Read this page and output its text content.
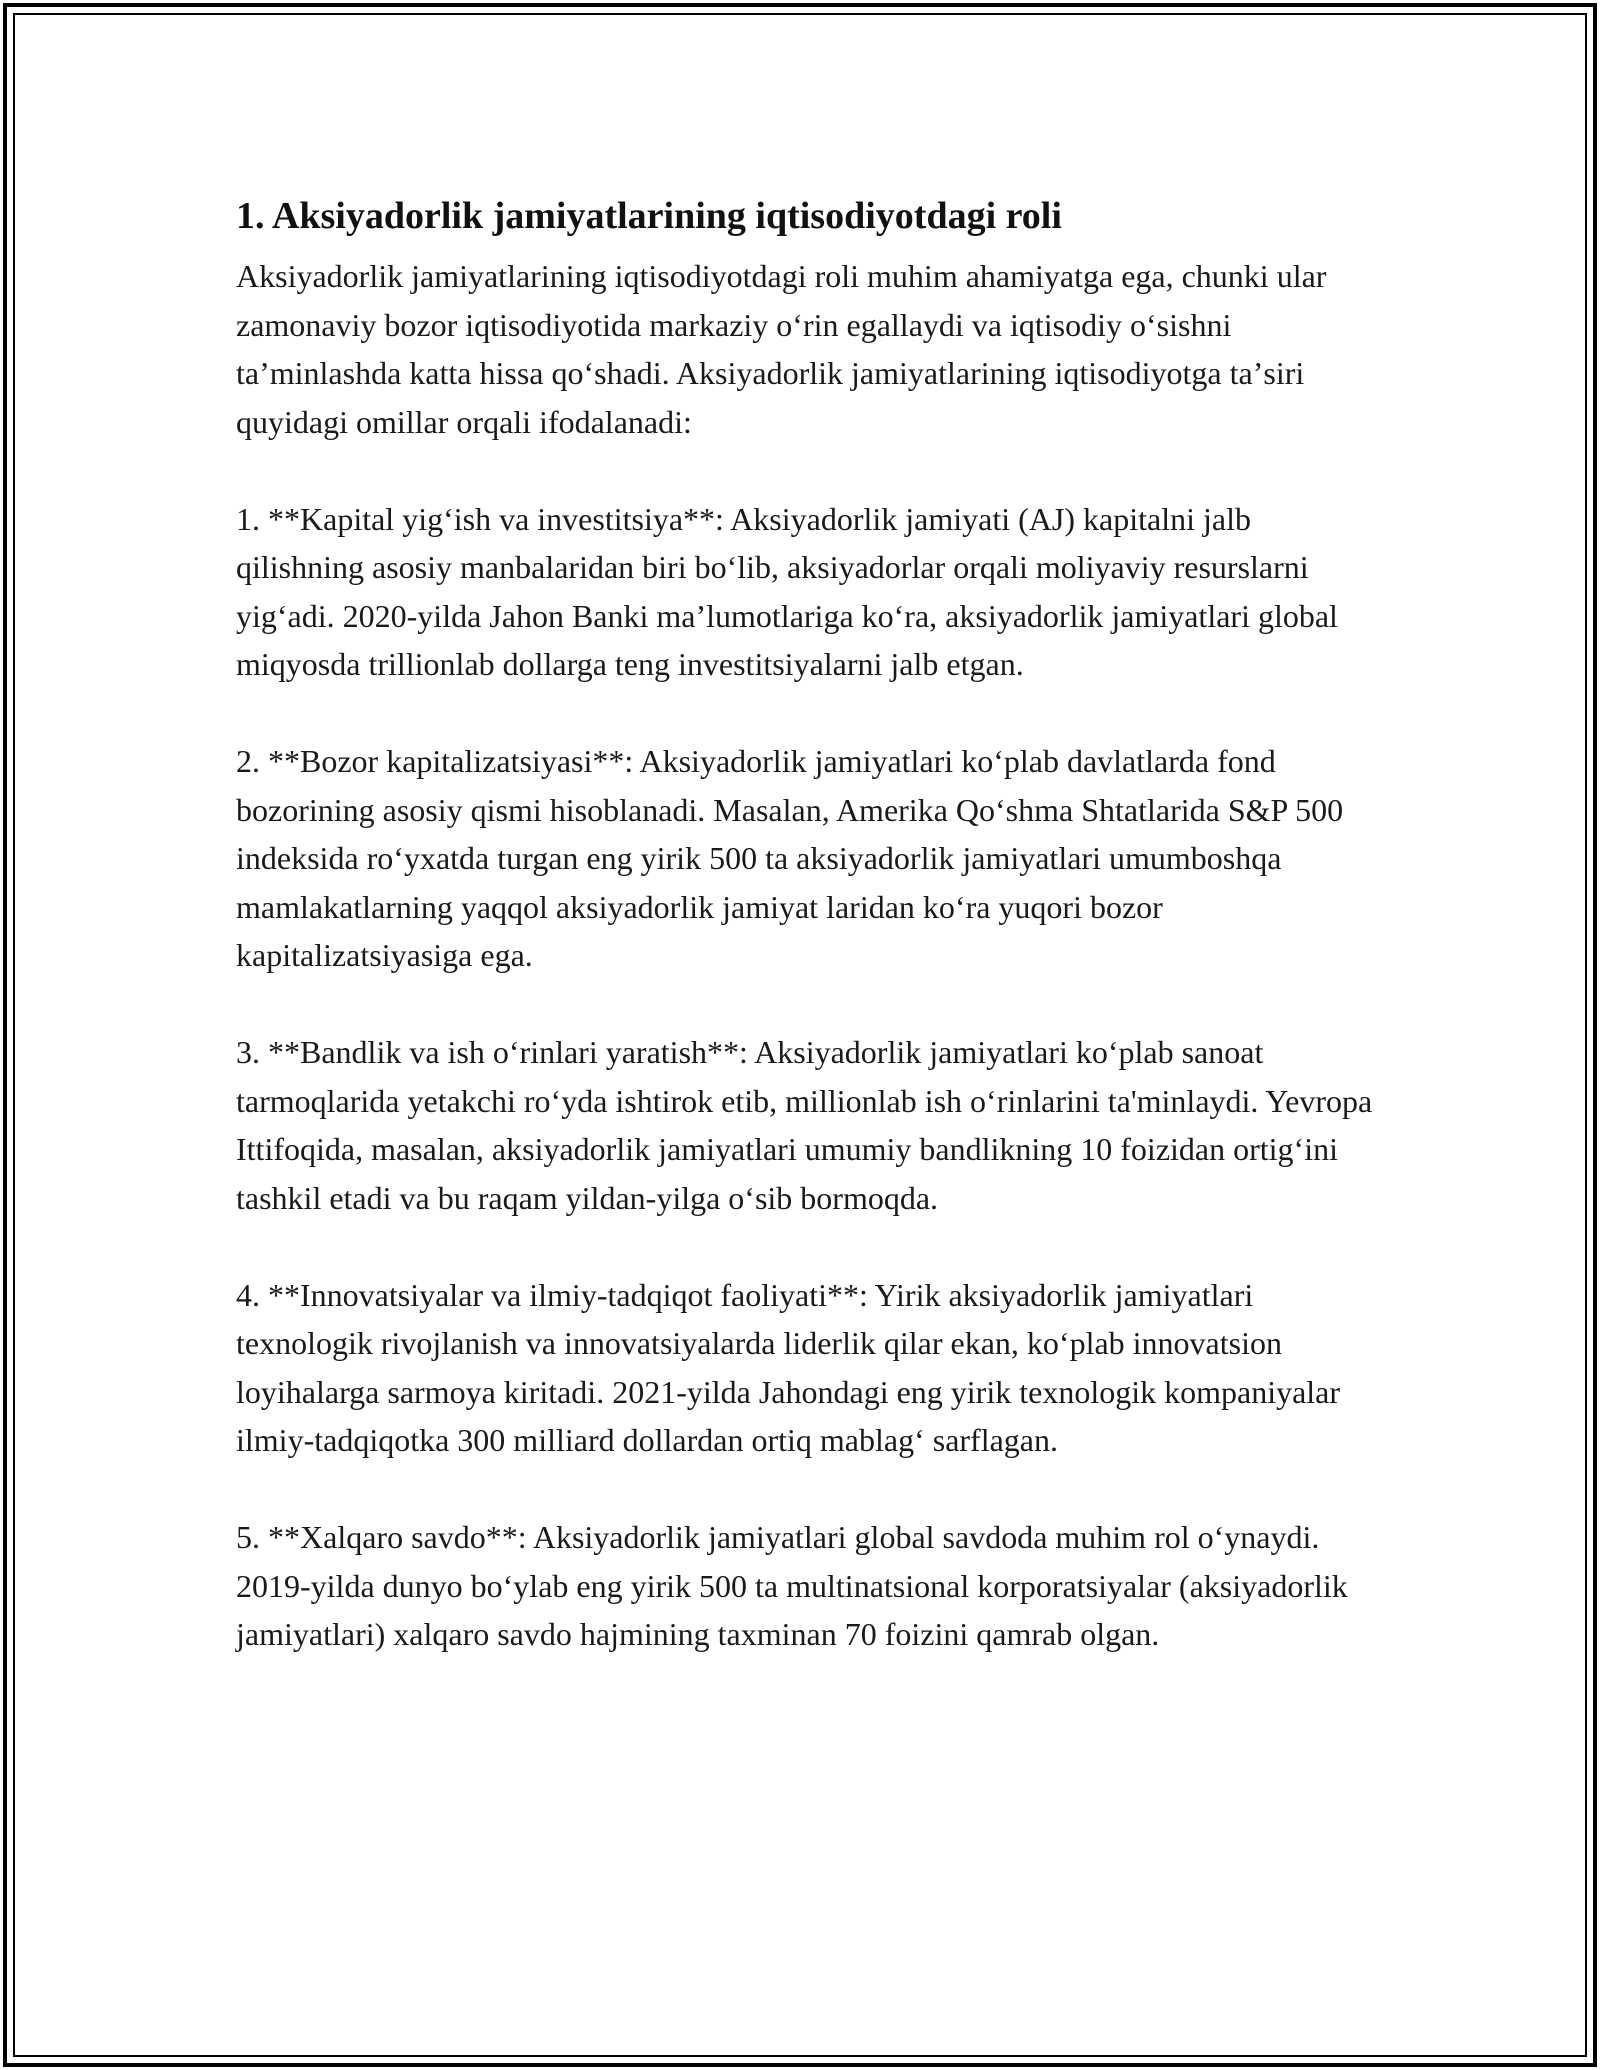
1. Aksiyadorlik jamiyatlarining iqtisodiyotdagi roli

Aksiyadorlik jamiyatlarining iqtisodiyotdagi roli muhim ahamiyatga ega, chunki ular zamonaviy bozor iqtisodiyotida markaziy oʻrin egallaydi va iqtisodiy oʻsishni taʼminlashda katta hissa qoʻshadi. Aksiyadorlik jamiyatlarining iqtisodiyotga taʼsiri quyidagi omillar orqali ifodalanadi:

1. **Kapital yigʻish va investitsiya**: Aksiyadorlik jamiyati (AJ) kapitalni jalb qilishning asosiy manbalaridan biri boʻlib, aksiyadorlar orqali moliyaviy resurslarni yigʻadi. 2020-yilda Jahon Banki maʼlumotlariga koʻra, aksiyadorlik jamiyatlari global miqyosda trillionlab dollarga teng investitsiyalarni jalb etgan.

2. **Bozor kapitalizatsiyasi**: Aksiyadorlik jamiyatlari koʻplab davlatlarda fond bozorining asosiy qismi hisoblanadi. Masalan, Amerika Qoʻshma Shtatlarida S&P 500 indeksida roʻyxatda turgan eng yirik 500 ta aksiyadorlik jamiyatlari umumboshqa mamlakatlarning yaqqol aksiyadorlik jamiyat laridan koʻra yuqori bozor kapitalizatsiyasiga ega.

3. **Bandlik va ish oʻrinlari yaratish**: Aksiyadorlik jamiyatlari koʻplab sanoat tarmoqlarida yetakchi roʻyda ishtirok etib, millionlab ish oʻrinlarini ta'minlaydi. Yevropa Ittifoqida, masalan, aksiyadorlik jamiyatlari umumiy bandlikning 10 foizidan ortigʻini tashkil etadi va bu raqam yildan-yilga oʻsib bormoqda.

4. **Innovatsiyalar va ilmiy-tadqiqot faoliyati**: Yirik aksiyadorlik jamiyatlari texnologik rivojlanish va innovatsiyalarda liderlik qilar ekan, koʻplab innovatsion loyihalarga sarmoya kiritadi. 2021-yilda Jahondagi eng yirik texnologik kompaniyalar ilmiy-tadqiqotka 300 milliard dollardan ortiq mablagʻ sarflagan.

5. **Xalqaro savdo**: Aksiyadorlik jamiyatlari global savdoda muhim rol oʻynaydi. 2019-yilda dunyo boʻylab eng yirik 500 ta multinatsional korporatsiyalar (aksiyadorlik jamiyatlari) xalqaro savdo hajmining taxminan 70 foizini qamrab olgan.
